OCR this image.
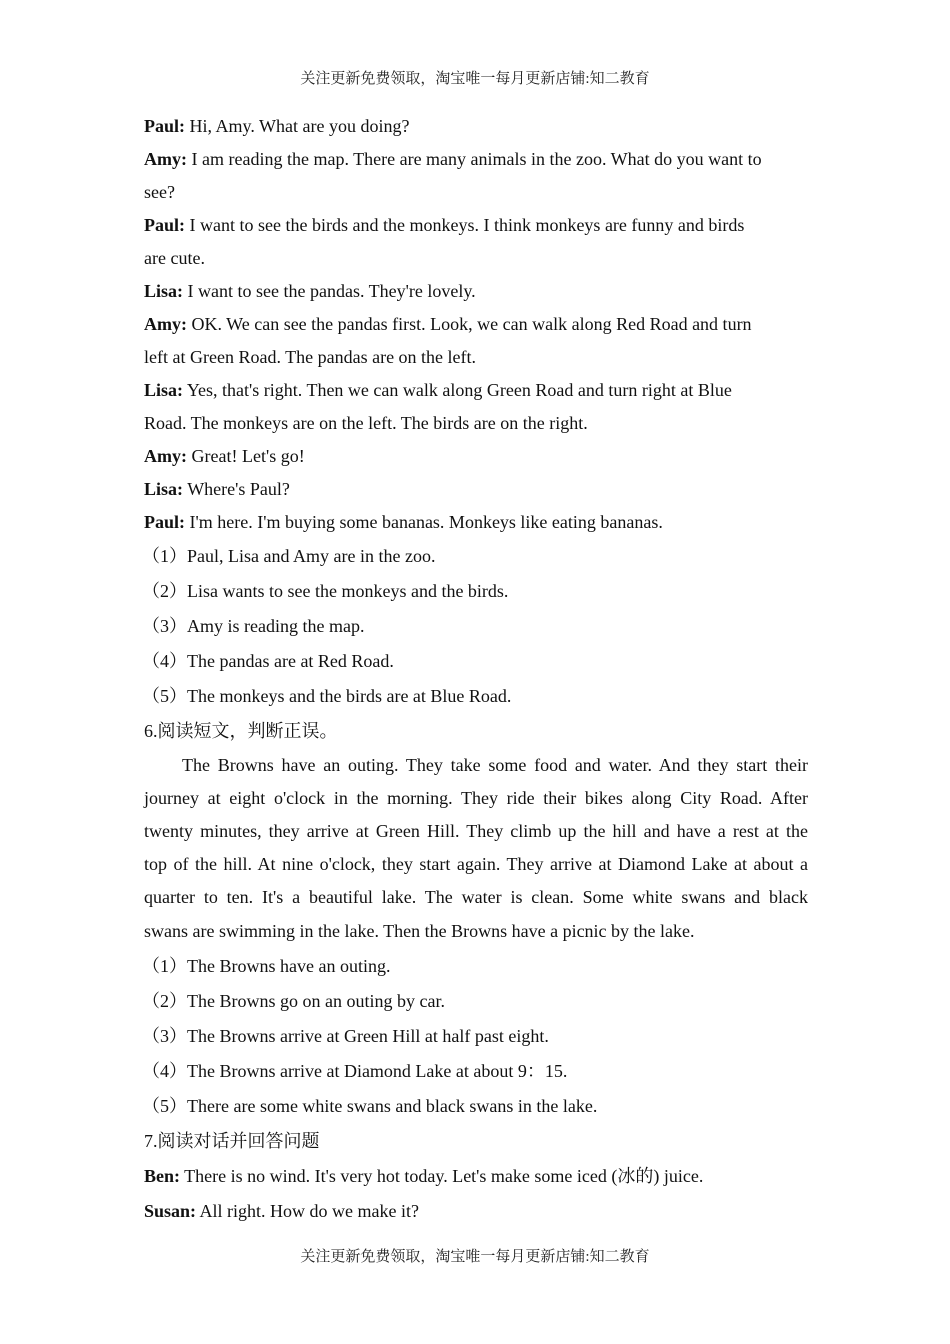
关注更新免费领取，淘宝唯一每月更新店铺:知二教育
Paul: Hi, Amy. What are you doing?
Amy: I am reading the map. There are many animals in the zoo. What do you want to
see?
Paul: I want to see the birds and the monkeys. I think monkeys are funny and birds
are cute.
Lisa: I want to see the pandas. They're lovely.
Amy: OK. We can see the pandas first. Look, we can walk along Red Road and turn
left at Green Road. The pandas are on the left.
Lisa: Yes, that's right. Then we can walk along Green Road and turn right at Blue
Road. The monkeys are on the left. The birds are on the right.
Amy: Great! Let's go!
Lisa: Where's Paul?
Paul: I'm here. I'm buying some bananas. Monkeys like eating bananas.
（1）Paul, Lisa and Amy are in the zoo.
（2）Lisa wants to see the monkeys and the birds.
（3）Amy is reading the map.
（4）The pandas are at Red Road.
（5）The monkeys and the birds are at Blue Road.
6.阅读短文，判断正误。
The Browns have an outing. They take some food and water. And they start their
journey at eight o'clock in the morning. They ride their bikes along City Road. After
twenty minutes, they arrive at Green Hill. They climb up the hill and have a rest at the
top of the hill. At nine o'clock, they start again. They arrive at Diamond Lake at about a
quarter to ten. It's a beautiful lake. The water is clean. Some white swans and black
swans are swimming in the lake. Then the Browns have a picnic by the lake.
（1）The Browns have an outing.
（2）The Browns go on an outing by car.
（3）The Browns arrive at Green Hill at half past eight.
（4）The Browns arrive at Diamond Lake at about 9：15.
（5）There are some white swans and black swans in the lake.
7.阅读对话并回答问题
Ben: There is no wind. It's very hot today. Let's make some iced (冰的) juice.
Susan: All right. How do we make it?
关注更新免费领取，淘宝唯一每月更新店铺:知二教育
